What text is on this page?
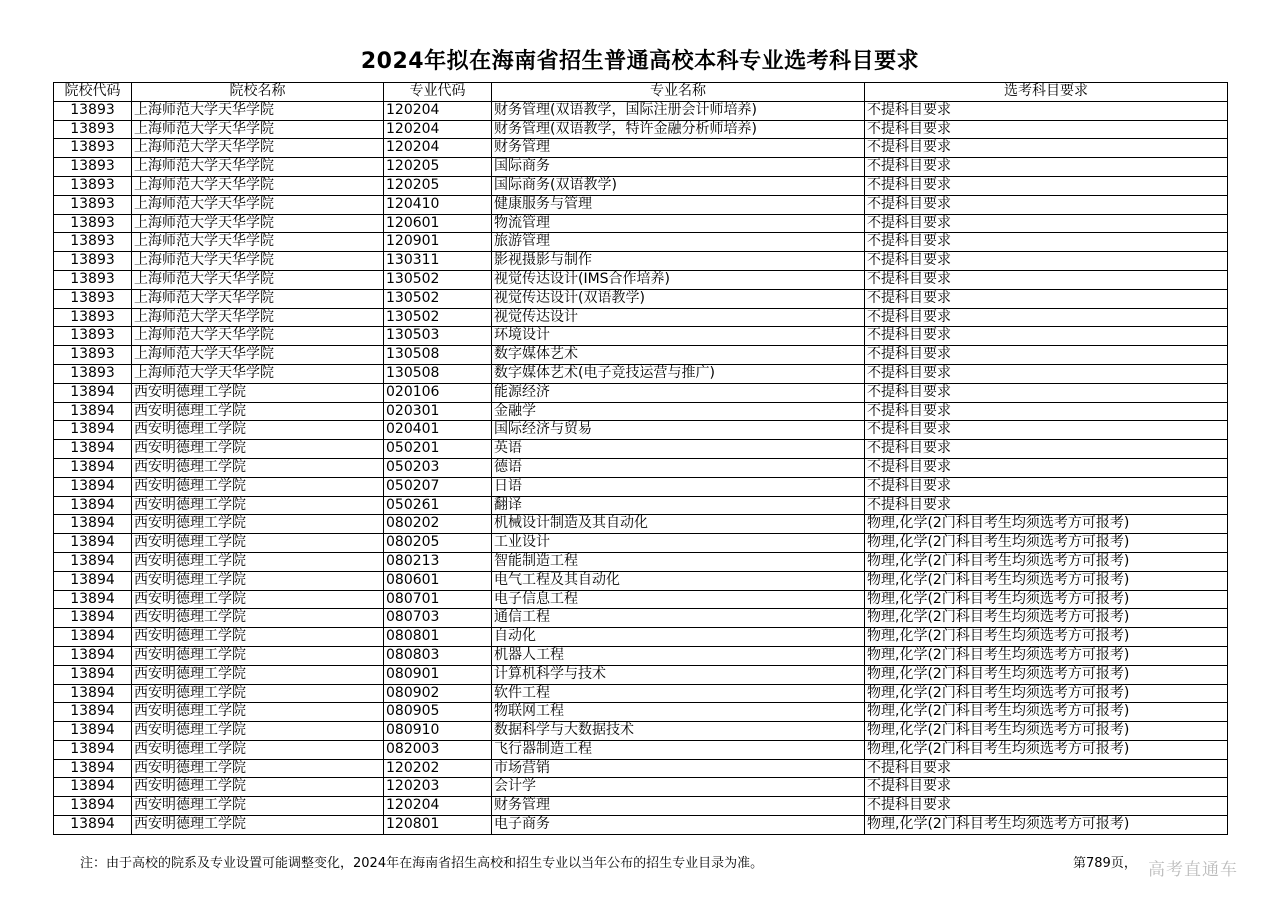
2024年拟在海南省招生普通高校本科专业选考科目要求
院校代码	院校名称	专业代码	专业名称	选考科目要求
13893	上海师范大学天华学院	120204	财务管理(双语教学，国际注册会计师培养)	不提科目要求
13893	上海师范大学天华学院	120204	财务管理(双语教学，特许金融分析师培养)	不提科目要求
13893	上海师范大学天华学院	120204	财务管理	不提科目要求
13893	上海师范大学天华学院	120205	国际商务	不提科目要求
13893	上海师范大学天华学院	120205	国际商务(双语教学)	不提科目要求
13893	上海师范大学天华学院	120410	健康服务与管理	不提科目要求
13893	上海师范大学天华学院	120601	物流管理	不提科目要求
13893	上海师范大学天华学院	120901	旅游管理	不提科目要求
13893	上海师范大学天华学院	130311	影视摄影与制作	不提科目要求
13893	上海师范大学天华学院	130502	视觉传达设计(IMS合作培养)	不提科目要求
13893	上海师范大学天华学院	130502	视觉传达设计(双语教学)	不提科目要求
13893	上海师范大学天华学院	130502	视觉传达设计	不提科目要求
13893	上海师范大学天华学院	130503	环境设计	不提科目要求
13893	上海师范大学天华学院	130508	数字媒体艺术	不提科目要求
13893	上海师范大学天华学院	130508	数字媒体艺术(电子竞技运营与推广)	不提科目要求
13894	西安明德理工学院	020106	能源经济	不提科目要求
13894	西安明德理工学院	020301	金融学	不提科目要求
13894	西安明德理工学院	020401	国际经济与贸易	不提科目要求
13894	西安明德理工学院	050201	英语	不提科目要求
13894	西安明德理工学院	050203	德语	不提科目要求
13894	西安明德理工学院	050207	日语	不提科目要求
13894	西安明德理工学院	050261	翻译	不提科目要求
13894	西安明德理工学院	080202	机械设计制造及其自动化	物理,化学(2门科目考生均须选考方可报考)
13894	西安明德理工学院	080205	工业设计	物理,化学(2门科目考生均须选考方可报考)
13894	西安明德理工学院	080213	智能制造工程	物理,化学(2门科目考生均须选考方可报考)
13894	西安明德理工学院	080601	电气工程及其自动化	物理,化学(2门科目考生均须选考方可报考)
13894	西安明德理工学院	080701	电子信息工程	物理,化学(2门科目考生均须选考方可报考)
13894	西安明德理工学院	080703	通信工程	物理,化学(2门科目考生均须选考方可报考)
13894	西安明德理工学院	080801	自动化	物理,化学(2门科目考生均须选考方可报考)
13894	西安明德理工学院	080803	机器人工程	物理,化学(2门科目考生均须选考方可报考)
13894	西安明德理工学院	080901	计算机科学与技术	物理,化学(2门科目考生均须选考方可报考)
13894	西安明德理工学院	080902	软件工程	物理,化学(2门科目考生均须选考方可报考)
13894	西安明德理工学院	080905	物联网工程	物理,化学(2门科目考生均须选考方可报考)
13894	西安明德理工学院	080910	数据科学与大数据技术	物理,化学(2门科目考生均须选考方可报考)
13894	西安明德理工学院	082003	飞行器制造工程	物理,化学(2门科目考生均须选考方可报考)
13894	西安明德理工学院	120202	市场营销	不提科目要求
13894	西安明德理工学院	120203	会计学	不提科目要求
13894	西安明德理工学院	120204	财务管理	不提科目要求
13894	西安明德理工学院	120801	电子商务	物理,化学(2门科目考生均须选考方可报考)
注：由于高校的院系及专业设置可能调整变化，2024年在海南省招生高校和招生专业以当年公布的招生专业目录为准。	第789页， 高考直通车
